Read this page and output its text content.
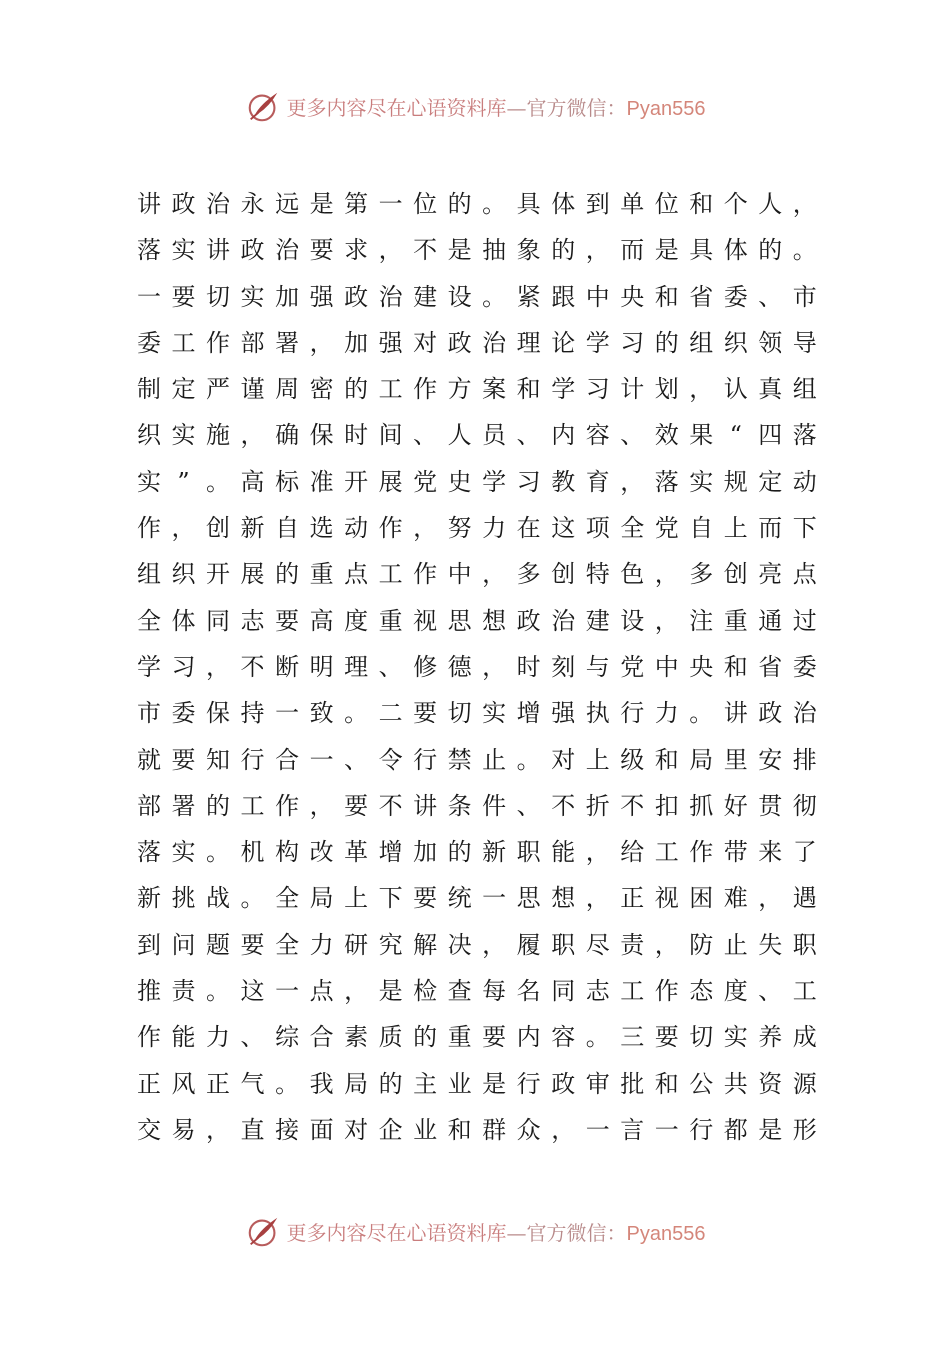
更多内容尽在心语资料库—官方微信：Pyan556
讲 政 治 永 远 是 第 一 位 的 。 具 体 到 单 位 和 个 人 ，
落 实 讲 政 治 要 求 ， 不 是 抽 象 的 ， 而 是 具 体 的 。
一 要 切 实 加 强 政 治 建 设 。 紧 跟 中 央 和 省 委 、 市
委 工 作 部 署 ， 加 强 对 政 治 理 论 学 习 的 组 织 领 导
制 定 严 谨 周 密 的 工 作 方 案 和 学 习 计 划 ， 认 真 组
织 实 施 ， 确 保 时 间 、 人 员 、 内 容 、 效 果 “ 四 落
实 ” 。 高 标 准 开 展 党 史 学 习 教 育 ， 落 实 规 定 动
作 ， 创 新 自 选 动 作 ， 努 力 在 这 项 全 党 自 上 而 下
组 织 开 展 的 重 点 工 作 中 ， 多 创 特 色 ， 多 创 亮 点
全 体 同 志 要 高 度 重 视 思 想 政 治 建 设 ， 注 重 通 过
学 习 ， 不 断 明 理 、 修 德 ， 时 刻 与 党 中 央 和 省 委
市 委 保 持 一 致 。 二 要 切 实 增 强 执 行 力 。 讲 政 治
就 要 知 行 合 一 、 令 行 禁 止 。 对 上 级 和 局 里 安 排
部 署 的 工 作 ， 要 不 讲 条 件 、 不 折 不 扣 抓 好 贯 彻
落 实 。 机 构 改 革 增 加 的 新 职 能 ， 给 工 作 带 来 了
新 挑 战 。 全 局 上 下 要 统 一 思 想 ， 正 视 困 难 ， 遇
到 问 题 要 全 力 研 究 解 决 ， 履 职 尽 责 ， 防 止 失 职
推 责 。 这 一 点 ， 是 检 查 每 名 同 志 工 作 态 度 、 工
作 能 力 、 综 合 素 质 的 重 要 内 容 。 三 要 切 实 养 成
正 风 正 气 。 我 局 的 主 业 是 行 政 审 批 和 公 共 资 源
交 易 ， 直 接 面 对 企 业 和 群 众 ， 一 言 一 行 都 是 形
更多内容尽在心语资料库—官方微信：Pyan556
